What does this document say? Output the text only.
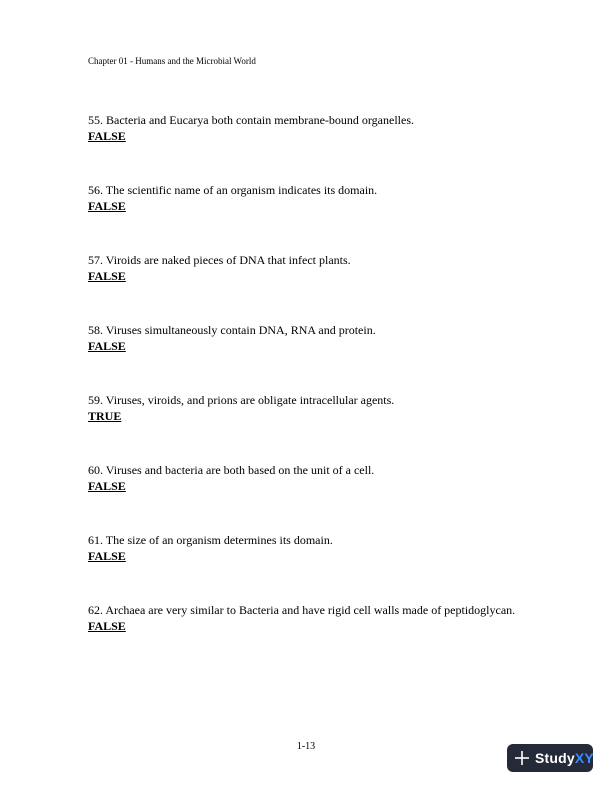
Chapter 01 - Humans and the Microbial World
55. Bacteria and Eucarya both contain membrane-bound organelles.
FALSE
56. The scientific name of an organism indicates its domain.
FALSE
57. Viroids are naked pieces of DNA that infect plants.
FALSE
58. Viruses simultaneously contain DNA, RNA and protein.
FALSE
59. Viruses, viroids, and prions are obligate intracellular agents.
TRUE
60. Viruses and bacteria are both based on the unit of a cell.
FALSE
61. The size of an organism determines its domain.
FALSE
62. Archaea are very similar to Bacteria and have rigid cell walls made of peptidoglycan.
FALSE
1-13
StudyXY
